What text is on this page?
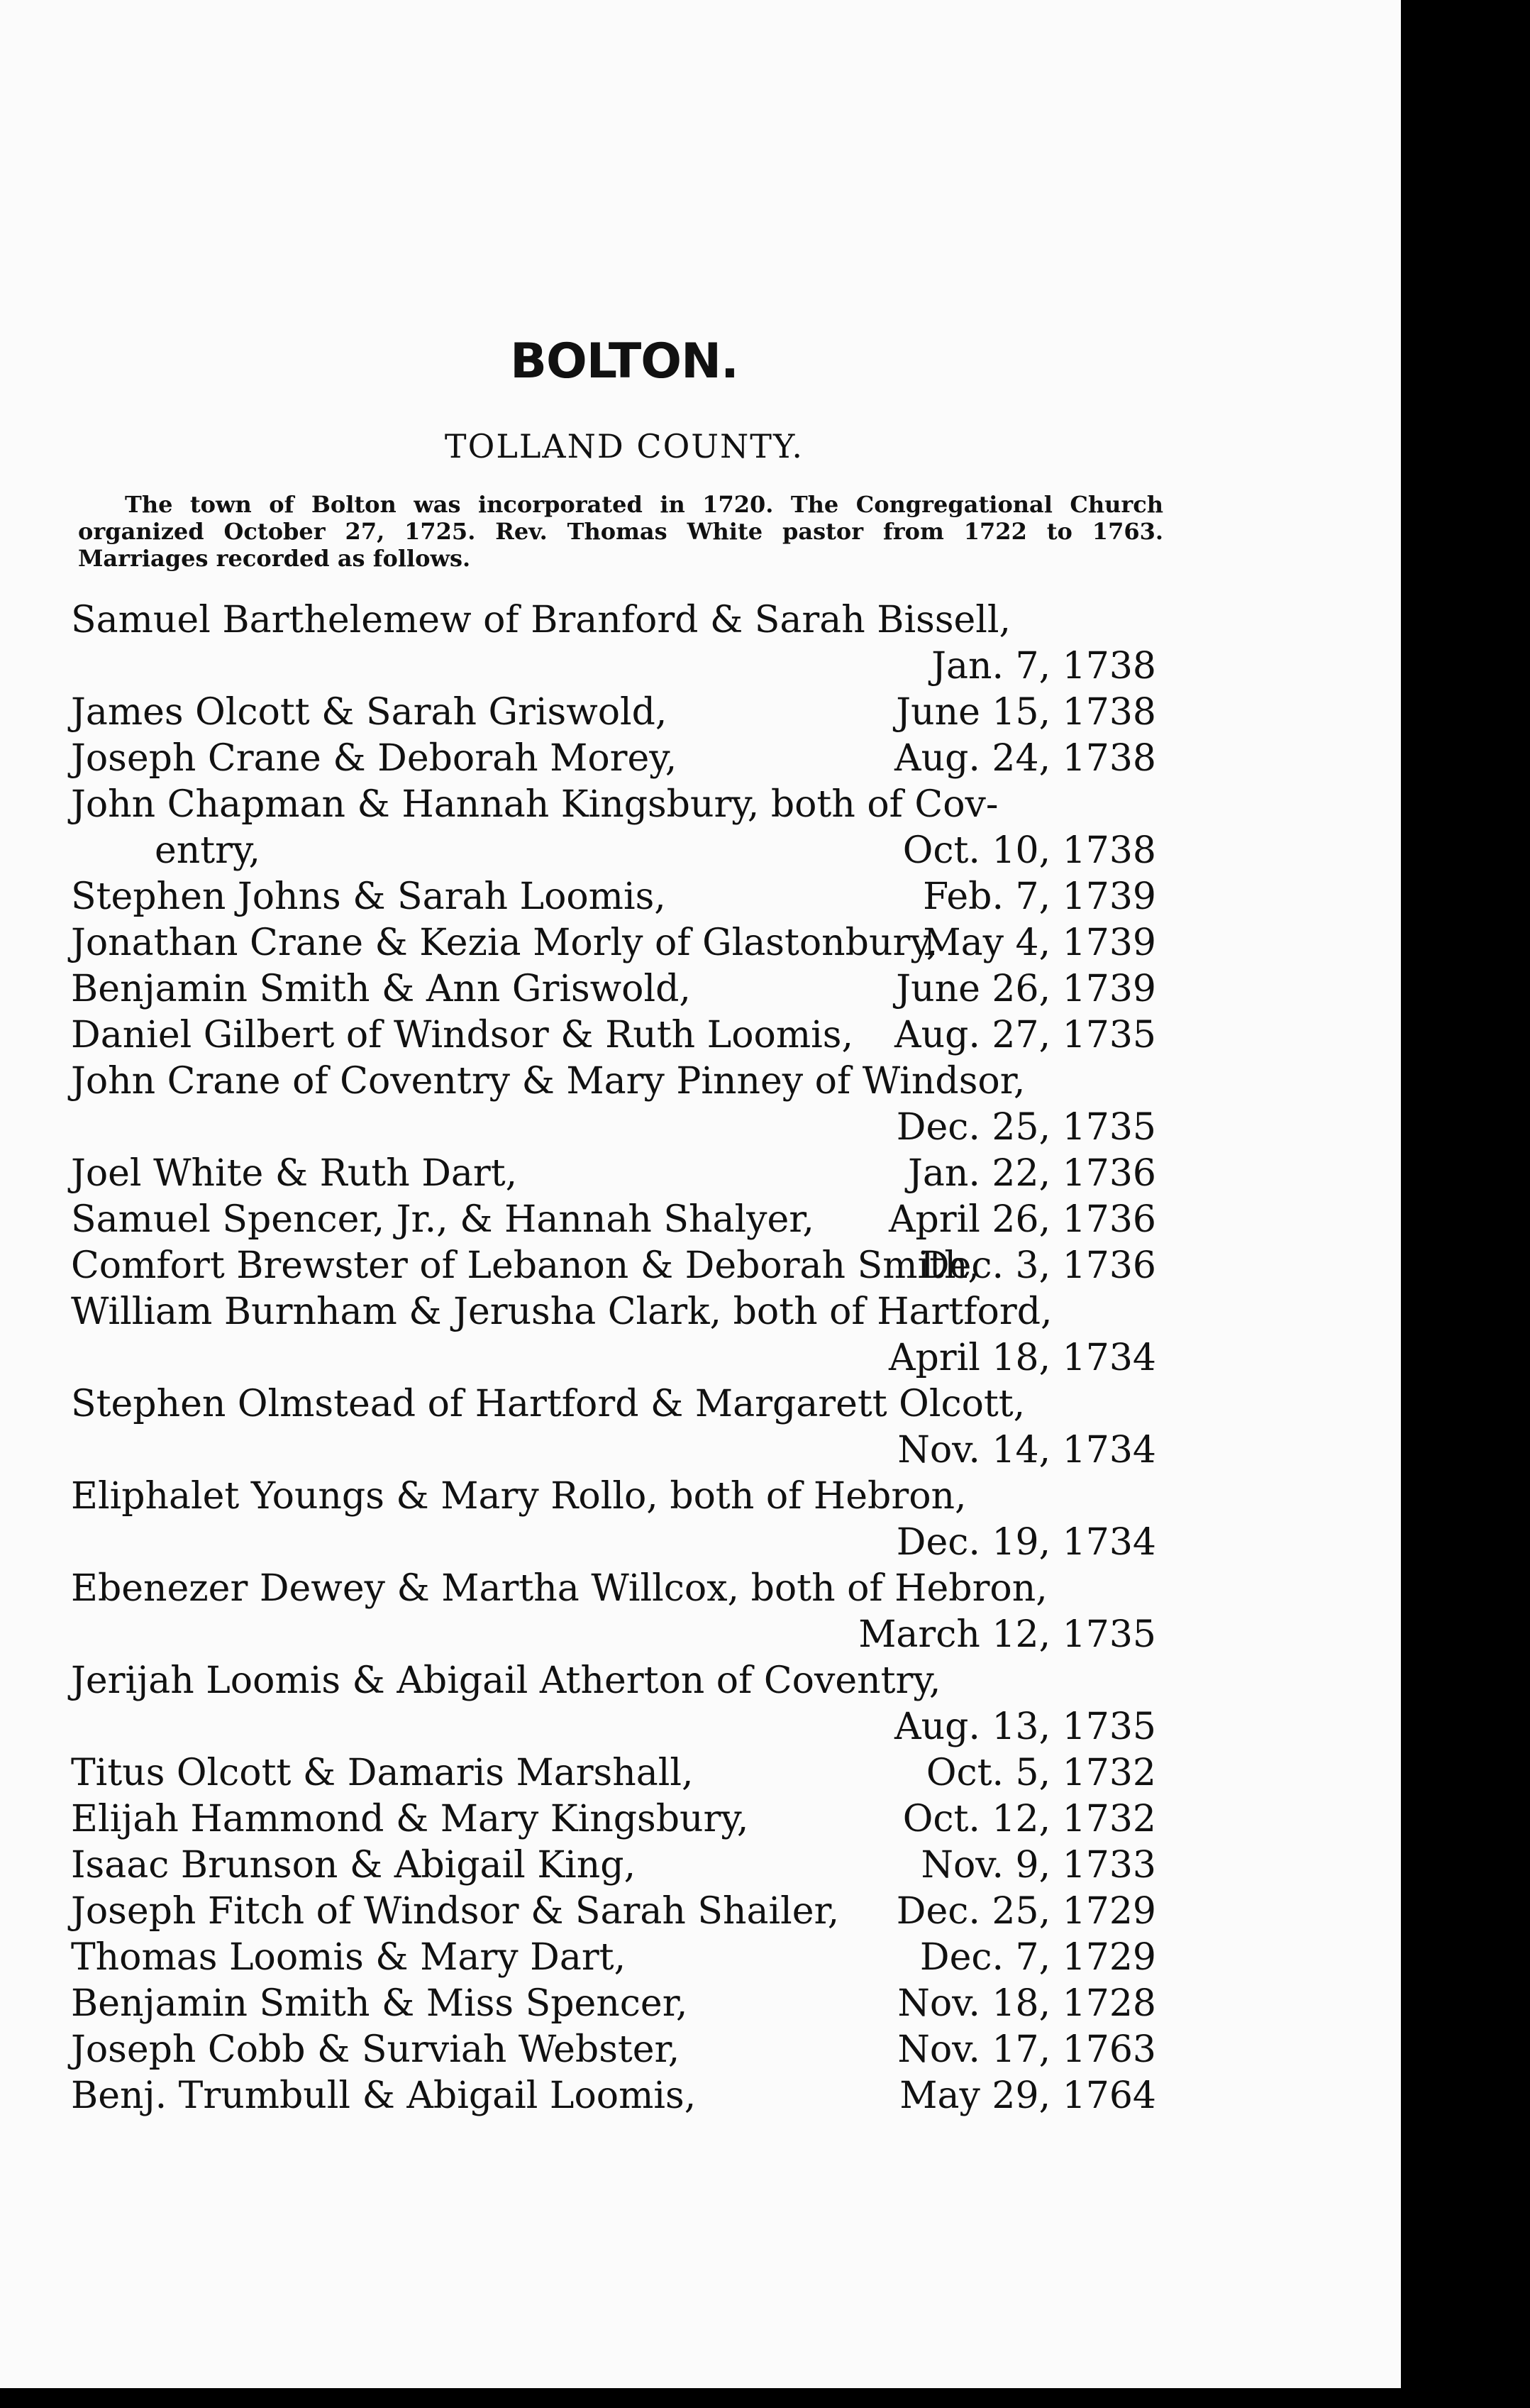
BOLTON.
TOLLAND COUNTY.
The town of Bolton was incorporated in 1720. The Congregational Church organized October 27, 1725. Rev. Thomas White pastor from 1722 to 1763. Marriages recorded as follows.
Samuel Barthelemew of Branford & Sarah Bissell,
Jan. 7, 1738
James Olcott & Sarah Griswold,	June 15, 1738
Joseph Crane & Deborah Morey,	Aug. 24, 1738
John Chapman & Hannah Kingsbury, both of Cov-
entry,	Oct. 10, 1738
Stephen Johns & Sarah Loomis,	Feb. 7, 1739
Jonathan Crane & Kezia Morly of Glastonbury,
May 4, 1739
Benjamin Smith & Ann Griswold,	June 26, 1739
Daniel Gilbert of Windsor & Ruth Loomis, Aug. 27, 1735
John Crane of Coventry & Mary Pinney of Windsor,
Dec. 25, 1735
Joel White & Ruth Dart,	Jan. 22, 1736
Samuel Spencer, Jr., & Hannah Shalyer, April 26, 1736
Comfort Brewster of Lebanon & Deborah Smith,
Dec. 3, 1736
William Burnham & Jerusha Clark, both of Hartford,
April 18, 1734
Stephen Olmstead of Hartford & Margarett Olcott,
Nov. 14, 1734
Eliphalet Youngs & Mary Rollo, both of Hebron,
Dec. 19, 1734
Ebenezer Dewey & Martha Willcox, both of Hebron,
March 12, 1735
Jerijah Loomis & Abigail Atherton of Coventry,
Aug. 13, 1735
Titus Olcott & Damaris Marshall,	Oct. 5, 1732
Elijah Hammond & Mary Kingsbury,	Oct. 12, 1732
Isaac Brunson & Abigail King,	Nov. 9, 1733
Joseph Fitch of Windsor & Sarah Shailer, Dec. 25, 1729
Thomas Loomis & Mary Dart,	Dec. 7, 1729
Benjamin Smith & Miss Spencer,	Nov. 18, 1728
Joseph Cobb & Surviah Webster,	Nov. 17, 1763
Benj. Trumbull & Abigail Loomis,	May 29, 1764
